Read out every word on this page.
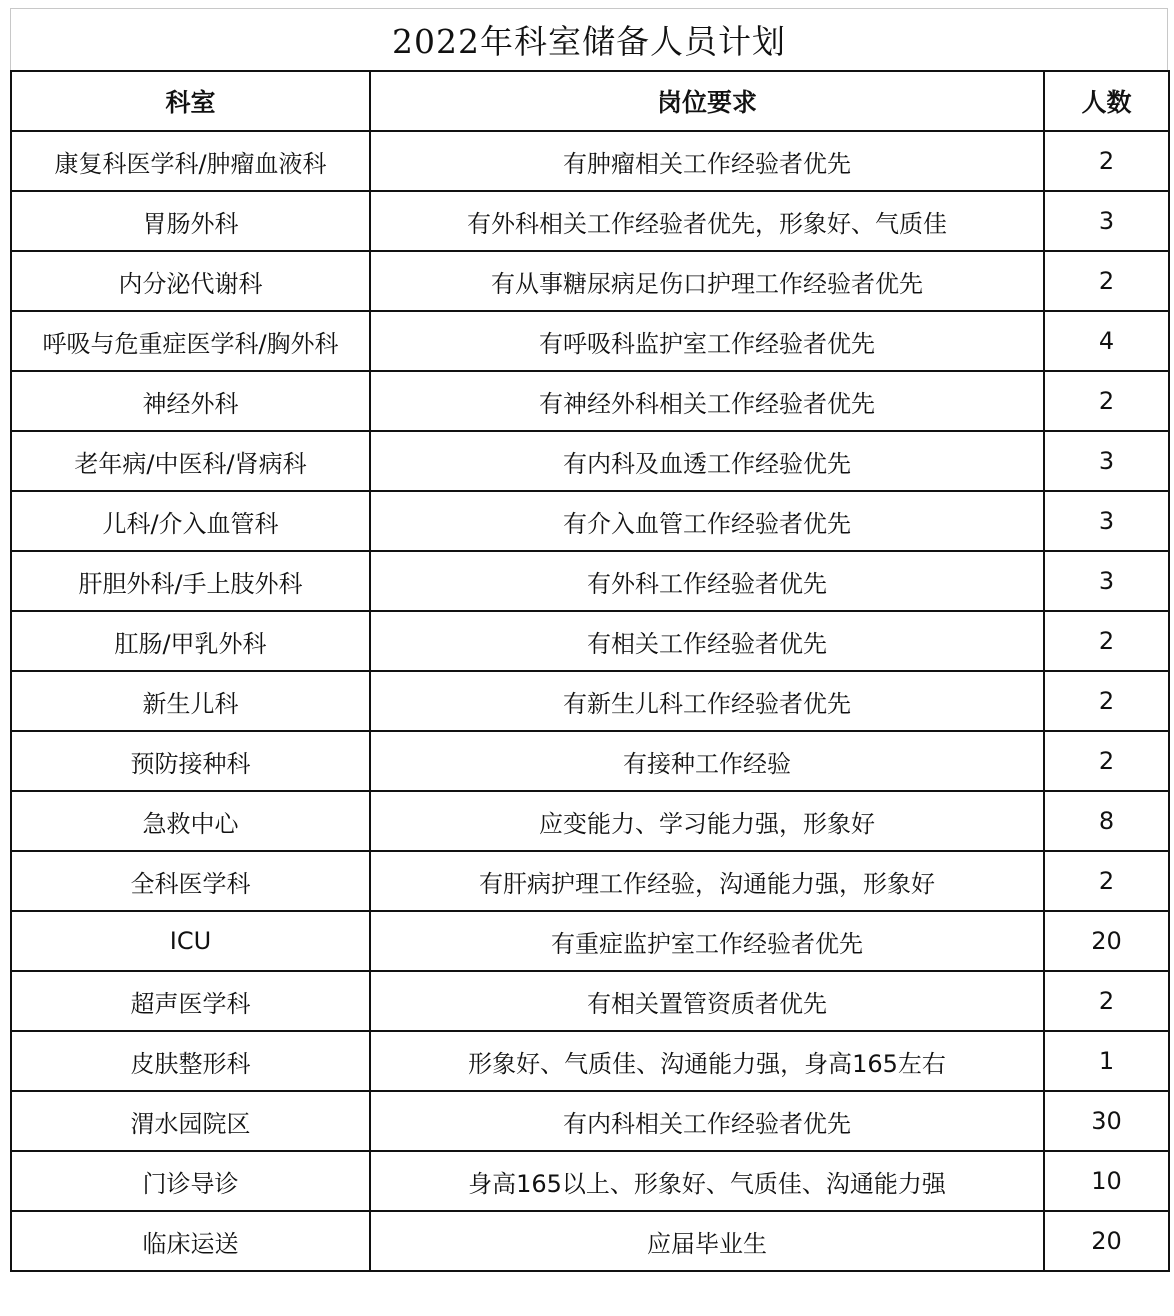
2022年科室储备人员计划
科室	岗位要求	人数
康复科医学科/肿瘤血液科	有肿瘤相关工作经验者优先	2
胃肠外科	有外科相关工作经验者优先，形象好、气质佳	3
内分泌代谢科	有从事糖尿病足伤口护理工作经验者优先	2
呼吸与危重症医学科/胸外科	有呼吸科监护室工作经验者优先	4
神经外科	有神经外科相关工作经验者优先	2
老年病/中医科/肾病科	有内科及血透工作经验优先	3
儿科/介入血管科	有介入血管工作经验者优先	3
肝胆外科/手上肢外科	有外科工作经验者优先	3
肛肠/甲乳外科	有相关工作经验者优先	2
新生儿科	有新生儿科工作经验者优先	2
预防接种科	有接种工作经验	2
急救中心	应变能力、学习能力强，形象好	8
全科医学科	有肝病护理工作经验，沟通能力强，形象好	2
ICU	有重症监护室工作经验者优先	20
超声医学科	有相关置管资质者优先	2
皮肤整形科	形象好、气质佳、沟通能力强，身高165左右	1
渭水园院区	有内科相关工作经验者优先	30
门诊导诊	身高165以上、形象好、气质佳、沟通能力强	10
临床运送	应届毕业生	20
